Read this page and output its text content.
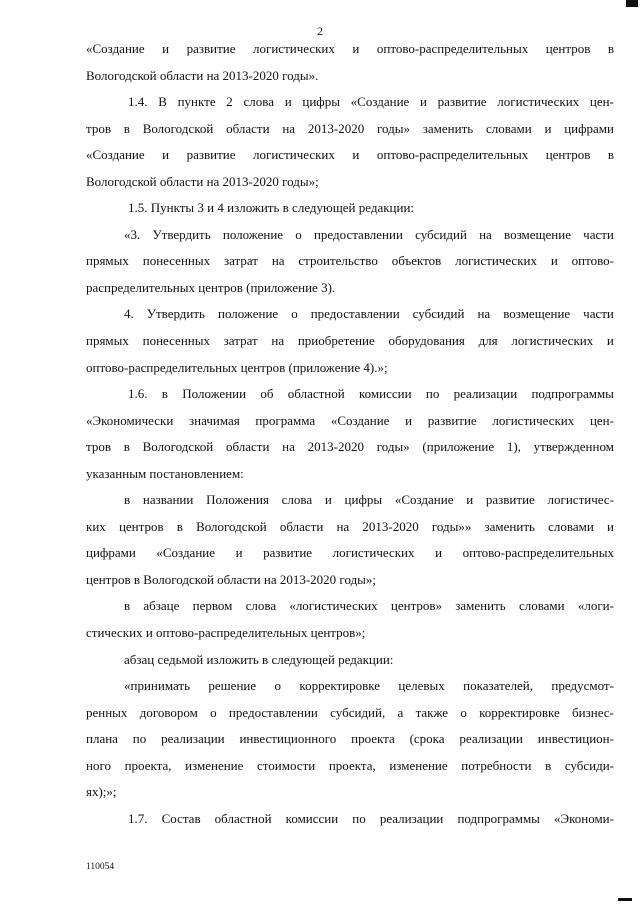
2

«Создание и развитие логистических и оптово-распределительных центров в

Вологодской области на 2013-2020 годы».

1.4. В пункте 2 слова и цифры «Создание и развитие логистических цен-

тров в Вологодской области на 2013-2020 годы» заменить словами и цифрами

«Создание и развитие логистических и оптово-распределительных центров в

Вологодской области на 2013-2020 годы»;

1.5. Пункты 3 и 4 изложить в следующей редакции:

«3. Утвердить положение о предоставлении субсидий на возмещение части

прямых понесенных затрат на строительство объектов логистических и оптово-

распределительных центров (приложение 3).

4. Утвердить положение о предоставлении субсидий на возмещение части

прямых понесенных затрат на приобретение оборудования для логистических и

оптово-распределительных центров (приложение 4).»;

1.6. в Положении об областной комиссии по реализации подпрограммы

«Экономически значимая программа «Создание и развитие логистических цен-

тров в Вологодской области на 2013-2020 годы» (приложение 1), утвержденном

указанным постановлением:

в названии Положения слова и цифры «Создание и развитие логистичес-

ких центров в Вологодской области на 2013-2020 годы»» заменить словами и

цифрами «Создание и развитие логистических и оптово-распределительных

центров в Вологодской области на 2013-2020 годы»;

в абзаце первом слова «логистических центров» заменить словами «логи-

стических и оптово-распределительных центров»;

абзац седьмой изложить в следующей редакции:

«принимать решение о корректировке целевых показателей, предусмот-

ренных договором о предоставлении субсидий, а также о корректировке бизнес-

плана по реализации инвестиционного проекта (срока реализации инвестицион-

ного проекта, изменение стоимости проекта, изменение потребности в субсиди-

ях);»;

1.7. Состав областной комиссии по реализации подпрограммы «Экономи-

110054
